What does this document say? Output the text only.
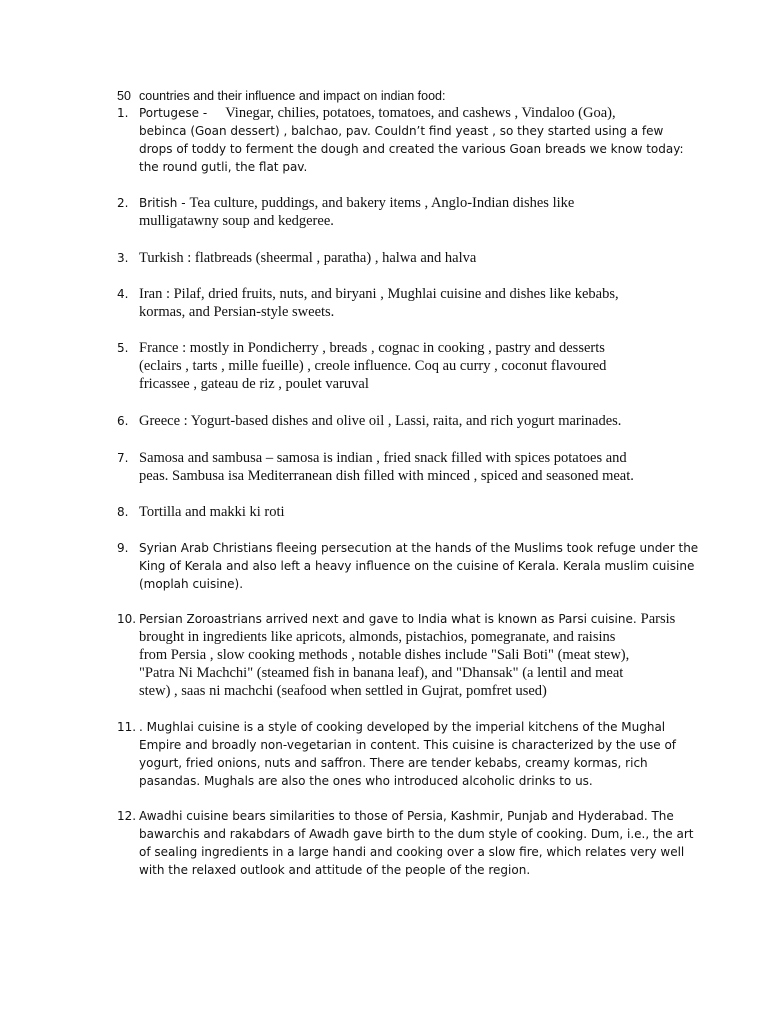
50 countries and their influence and impact on indian food:
1. Portugese - Vinegar, chilies, potatoes, tomatoes, and cashews , Vindaloo (Goa),
bebinca (Goan dessert) , balchao, pav. Couldn’t find yeast , so they started using a few
drops of toddy to ferment the dough and created the various Goan breads we know today:
the round gutli, the flat pav.
2. British - Tea culture, puddings, and bakery items , Anglo-Indian dishes like
mulligatawny soup and kedgeree.
3. Turkish : flatbreads (sheermal , paratha) , halwa and halva
4. Iran : Pilaf, dried fruits, nuts, and biryani , Mughlai cuisine and dishes like kebabs,
kormas, and Persian-style sweets.
5. France : mostly in Pondicherry , breads , cognac in cooking , pastry and desserts
(eclairs , tarts , mille fueille) , creole influence. Coq au curry , coconut flavoured
fricassee , gateau de riz , poulet varuval
6. Greece : Yogurt-based dishes and olive oil , Lassi, raita, and rich yogurt marinades.
7. Samosa and sambusa – samosa is indian , fried snack filled with spices potatoes and
peas. Sambusa isa Mediterranean dish filled with minced , spiced and seasoned meat.
8. Tortilla and makki ki roti
9. Syrian Arab Christians fleeing persecution at the hands of the Muslims took refuge under the
King of Kerala and also left a heavy influence on the cuisine of Kerala. Kerala muslim cuisine
(moplah cuisine).
10. Persian Zoroastrians arrived next and gave to India what is known as Parsi cuisine. Parsis
brought in ingredients like apricots, almonds, pistachios, pomegranate, and raisins
from Persia , slow cooking methods , notable dishes include "Sali Boti" (meat stew),
"Patra Ni Machchi" (steamed fish in banana leaf), and "Dhansak" (a lentil and meat
stew) , saas ni machchi (seafood when settled in Gujrat, pomfret used)
11. . Mughlai cuisine is a style of cooking developed by the imperial kitchens of the Mughal
Empire and broadly non-vegetarian in content. This cuisine is characterized by the use of
yogurt, fried onions, nuts and saffron. There are tender kebabs, creamy kormas, rich
pasandas. Mughals are also the ones who introduced alcoholic drinks to us.
12. Awadhi cuisine bears similarities to those of Persia, Kashmir, Punjab and Hyderabad. The
bawarchis and rakabdars of Awadh gave birth to the dum style of cooking. Dum, i.e., the art
of sealing ingredients in a large handi and cooking over a slow fire, which relates very well
with the relaxed outlook and attitude of the people of the region.
